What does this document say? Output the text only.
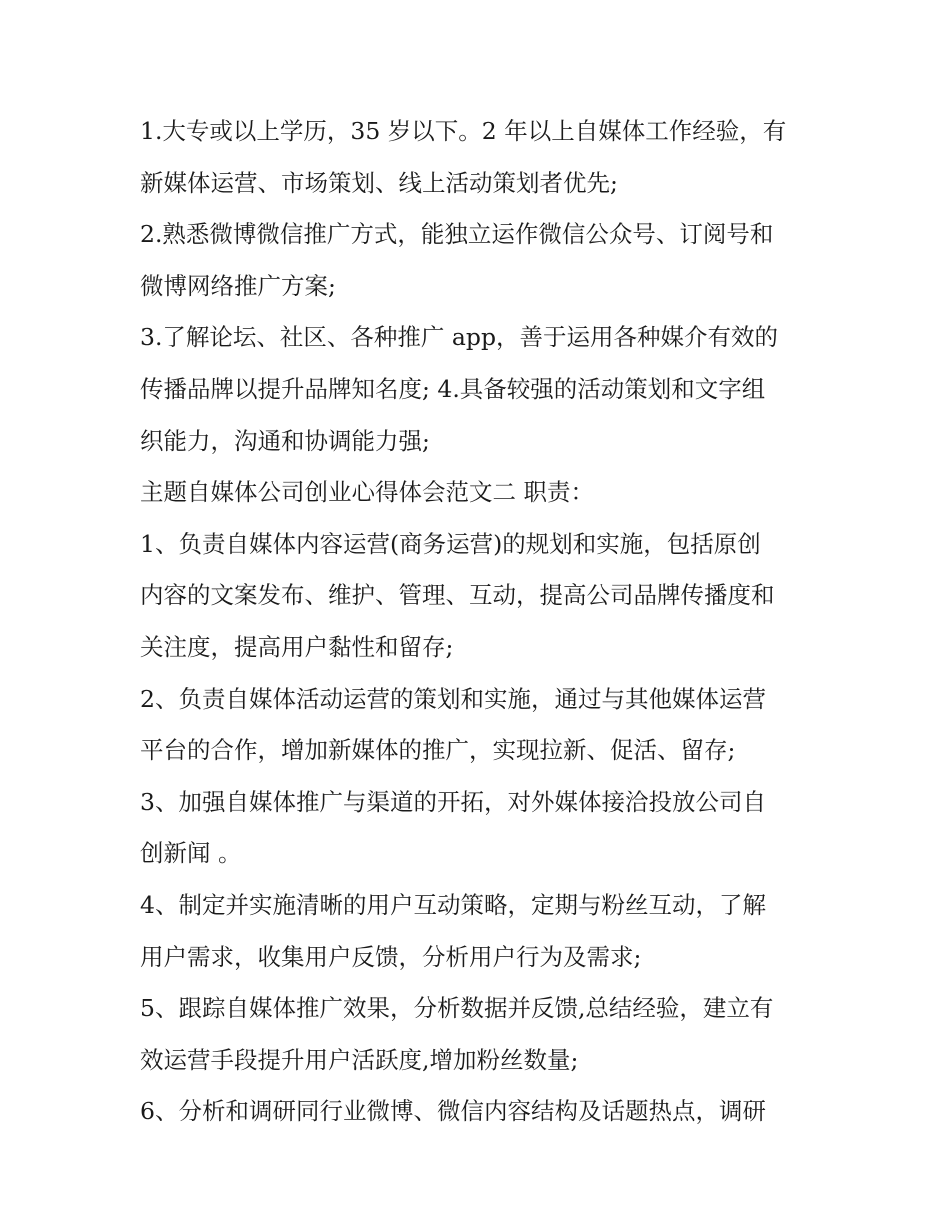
1.大专或以上学历，35 岁以下。2 年以上自媒体工作经验，有
新媒体运营、市场策划、线上活动策划者优先;
2.熟悉微博微信推广方式，能独立运作微信公众号、订阅号和
微博网络推广方案;
3.了解论坛、社区、各种推广 app，善于运用各种媒介有效的
传播品牌以提升品牌知名度; 4.具备较强的活动策划和文字组
织能力，沟通和协调能力强;
主题自媒体公司创业心得体会范文二 职责：
1、负责自媒体内容运营(商务运营)的规划和实施，包括原创
内容的文案发布、维护、管理、互动，提高公司品牌传播度和
关注度，提高用户黏性和留存;
2、负责自媒体活动运营的策划和实施，通过与其他媒体运营
平台的合作，增加新媒体的推广，实现拉新、促活、留存;
3、加强自媒体推广与渠道的开拓，对外媒体接洽投放公司自
创新闻 。
4、制定并实施清晰的用户互动策略，定期与粉丝互动，了解
用户需求，收集用户反馈，分析用户行为及需求;
5、跟踪自媒体推广效果，分析数据并反馈,总结经验，建立有
效运营手段提升用户活跃度,增加粉丝数量;
6、分析和调研同行业微博、微信内容结构及话题热点，调研
